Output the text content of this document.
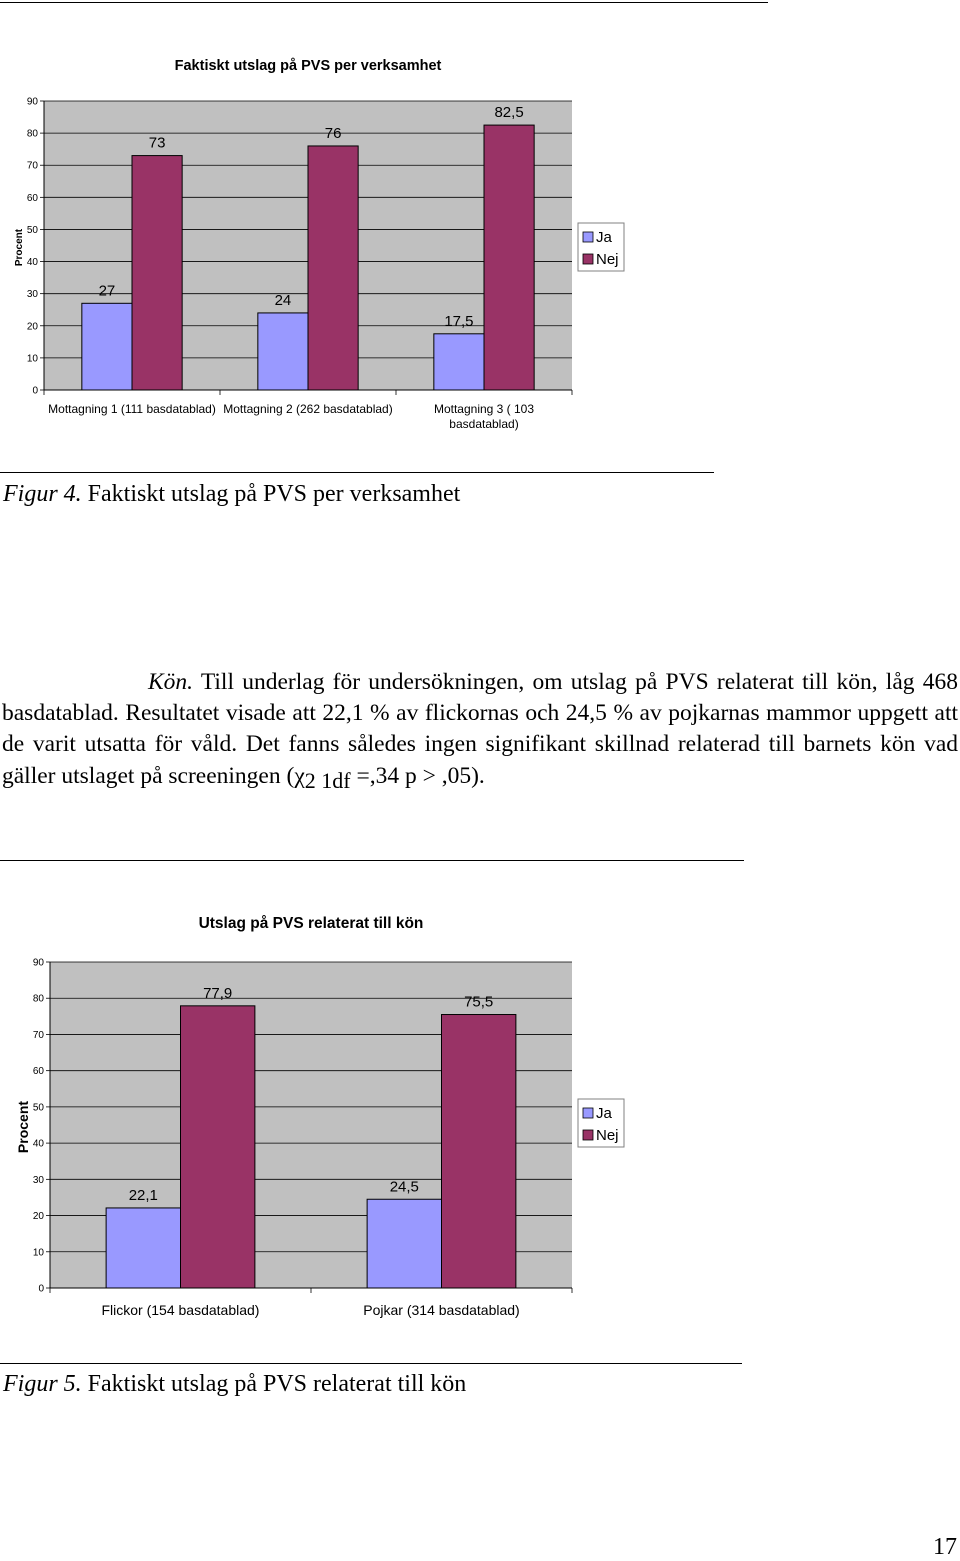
Faktiskt utslag på PVS per verksamhet
0
10
20
30
40
50
60
70
80
90
Procent
27
24
17,5
73
76
82,5
Mottagning 1 (111 basdatablad) Mottagning 2 (262 basdatablad)	Mottagning 3 ( 103
basdatablad)
Ja
Nej
Figur 4. Faktiskt utslag på PVS per verksamhet
Kön. Till underlag för undersökningen, om utslag på PVS relaterat till kön, låg 468 basdatablad. Resultatet visade att 22,1 % av flickornas och 24,5 % av pojkarnas mammor uppgett att de varit utsatta för våld. Det fanns således ingen signifikant skillnad relaterad till barnets kön vad gäller utslaget på screeningen (χ2 1df =,34 p > ,05).
Utslag på PVS relaterat till kön
0
10
20
30
40
50
60
70
80
90
Procent
22,1
24,5
77,9
75,5
Flickor (154 basdatablad)	Pojkar (314 basdatablad)
Ja
Nej
Figur 5. Faktiskt utslag på PVS relaterat till kön
17
